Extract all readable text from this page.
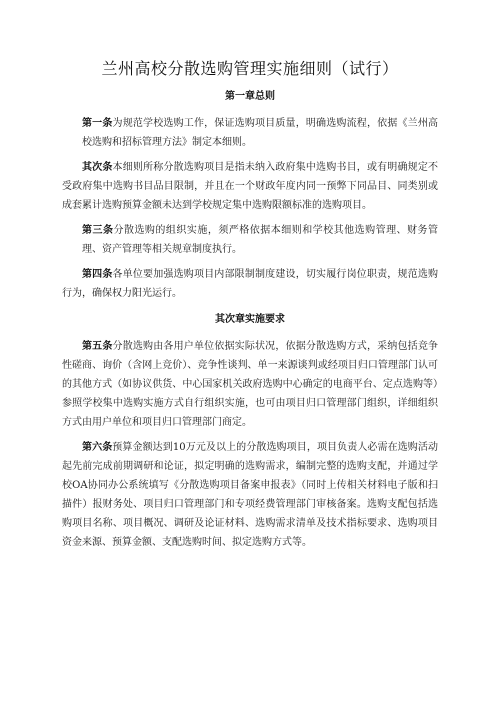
兰州高校分散选购管理实施细则（试行）
第一章总则

第一条为规范学校选购工作，保证选购项目质量，明确选购流程，依据《兰州高校选购和招标管理方法》制定本细则。

其次条本细则所称分散选购项目是指未纳入政府集中选购书目，或有明确规定不受政府集中选购书目品目限制，并且在一个财政年度内同一预弊下同品目、同类别或成套累计选购预算金额未达到学校规定集中选购限额标准的选购项目。

第三条分散选购的组织实施，须严格依据本细则和学校其他选购管理、财务管理、资产管理等相关规章制度执行。

第四条各单位要加强选购项目内部限制制度建设，切实履行岗位职责，规范选购行为，确保权力阳光运行。

其次章实施要求

第五条分散选购由各用户单位依据实际状况，依据分散选购方式，采纳包括竞争性磋商、询价（含网上竞价）、竞争性谈判、单一来源谈判或经项目归口管理部门认可的其他方式（如协议供货、中心国家机关政府选购中心确定的电商平台、定点选购等）参照学校集中选购实施方式自行组织实施，也可由项目归口管理部门组织，详细组织方式由用户单位和项目归口管理部门商定。

第六条预算金额达到10万元及以上的分散选购项目，项目负责人必需在选购活动起先前完成前期调研和论证，拟定明确的选购需求，编制完整的选购支配，并通过学校OA协同办公系统填写《分散选购项目备案申报表》（同时上传相关材料电子版和扫描件）报财务处、项目归口管理部门和专项经费管理部门审核备案。选购支配包括选购项目名称、项目概况、调研及论证材料、选购需求清单及技术指标要求、选购项目资金来源、预算金额、支配选购时间、拟定选购方式等。
